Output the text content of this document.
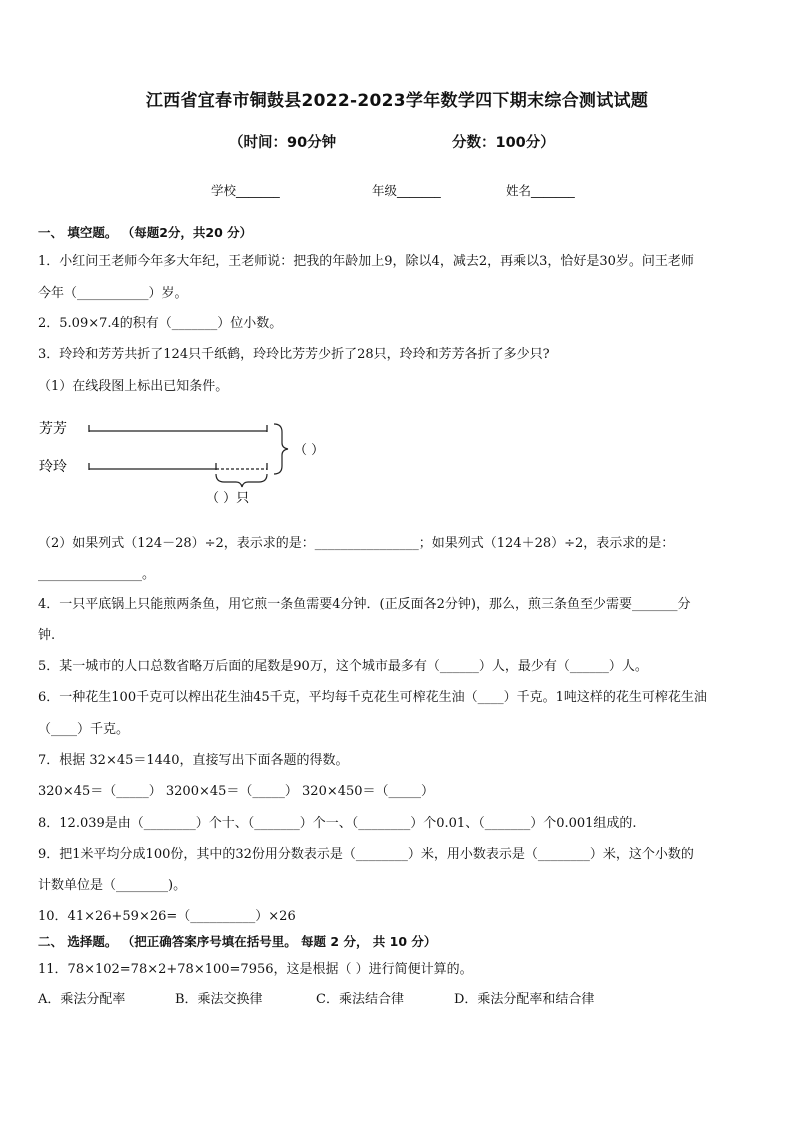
江西省宜春市铜鼓县2022-2023学年数学四下期末综合测试试题
（时间：90分钟	分数：100分）
学校_______	年级_______	姓名_______
一、 填空题。 （每题2分，共20 分）
1．小红问王老师今年多大年纪，王老师说：把我的年龄加上9，除以4，减去2，再乘以3，恰好是30岁。问王老师
今年（___________）岁。
2．5.09×7.4的积有（_______）位小数。
3．玲玲和芳芳共折了124只千纸鹤，玲玲比芳芳少折了28只，玲玲和芳芳各折了多少只?
（1）在线段图上标出已知条件。
芳芳
玲玲
（ ）
（ ）只
（2）如果列式（124－28）÷2，表示求的是：________________；如果列式（124＋28）÷2，表示求的是：
________________。
4．一只平底锅上只能煎两条鱼，用它煎一条鱼需要4分钟．(正反面各2分钟)，那么，煎三条鱼至少需要_______分
钟.
5．某一城市的人口总数省略万后面的尾数是90万，这个城市最多有（______）人，最少有（______）人。
6．一种花生100千克可以榨出花生油45千克，平均每千克花生可榨花生油（____）千克。1吨这样的花生可榨花生油
（____）千克。
7．根据 32×45＝1440，直接写出下面各题的得数。
320×45＝（_____） 3200×45＝（_____） 320×450＝（_____）
8．12.039是由（________）个十、（_______）个一、（________）个0.01、（_______）个0.001组成的.
9．把1米平均分成100份，其中的32份用分数表示是（________）米，用小数表示是（________）米，这个小数的
计数单位是（________)。
10．41×26+59×26=（__________）×26
二、 选择题。 （把正确答案序号填在括号里。 每题 2 分， 共 10 分）
11．78×102=78×2+78×100=7956，这是根据（ ）进行简便计算的。
A．乘法分配率	B．乘法交换律	C．乘法结合律	D．乘法分配率和结合律
